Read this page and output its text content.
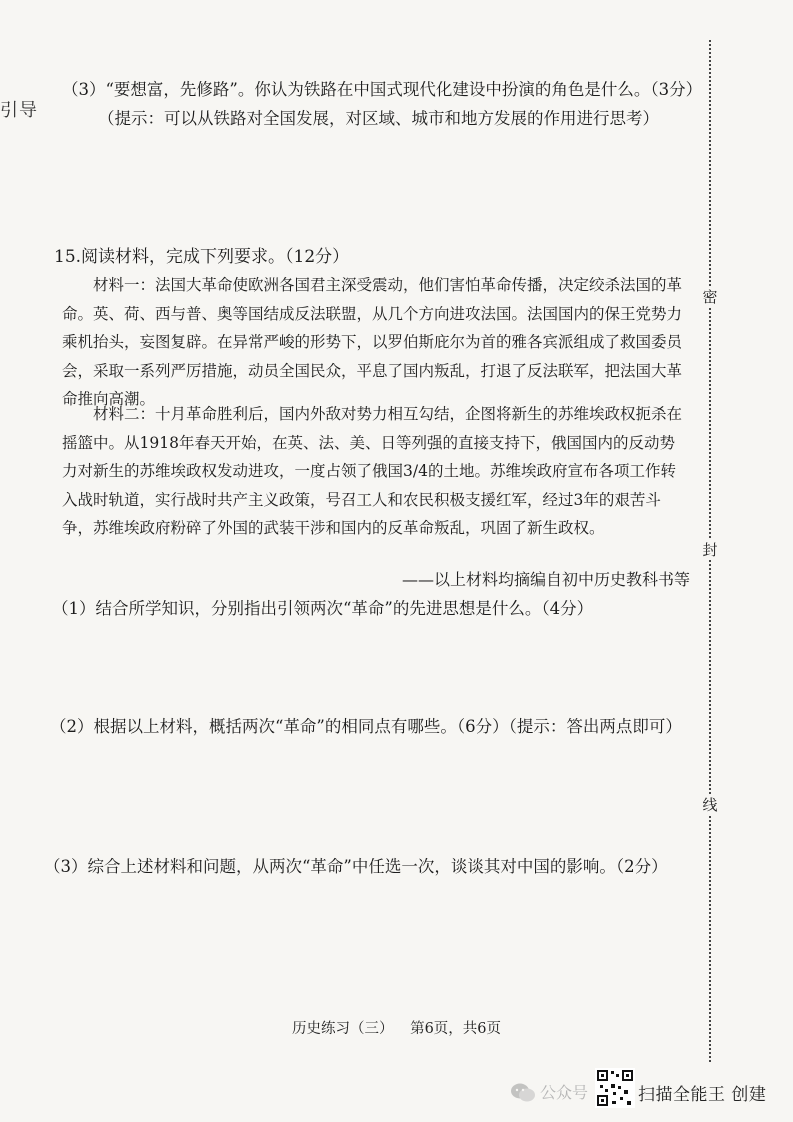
引导
（3）“要想富，先修路”。你认为铁路在中国式现代化建设中扮演的角色是什么。（3分）（提示：可以从铁路对全国发展，对区域、城市和地方发展的作用进行思考）
15.阅读材料，完成下列要求。（12分）
材料一：法国大革命使欧洲各国君主深受震动，他们害怕革命传播，决定绞杀法国的革命。英、荷、西与普、奥等国结成反法联盟，从几个方向进攻法国。法国国内的保王党势力乘机抬头，妄图复辟。在异常严峻的形势下，以罗伯斯庇尔为首的雅各宾派组成了救国委员会，采取一系列严厉措施，动员全国民众，平息了国内叛乱，打退了反法联军，把法国大革命推向高潮。
材料二：十月革命胜利后，国内外敌对势力相互勾结，企图将新生的苏维埃政权扼杀在摇篮中。从1918年春天开始，在英、法、美、日等列强的直接支持下，俄国国内的反动势力对新生的苏维埃政权发动进攻，一度占领了俄国3/4的土地。苏维埃政府宣布各项工作转入战时轨道，实行战时共产主义政策，号召工人和农民积极支援红军，经过3年的艰苦斗争，苏维埃政府粉碎了外国的武装干涉和国内的反革命叛乱，巩固了新生政权。
——以上材料均摘编自初中历史教科书等
（1）结合所学知识，分别指出引领两次“革命”的先进思想是什么。（4分）
（2）根据以上材料，概括两次“革命”的相同点有哪些。（6分）（提示：答出两点即可）
（3）综合上述材料和问题，从两次“革命”中任选一次，谈谈其对中国的影响。（2分）
密
封
线
历史练习（三） 第6页，共6页
公众号	扫描全能王 创建
